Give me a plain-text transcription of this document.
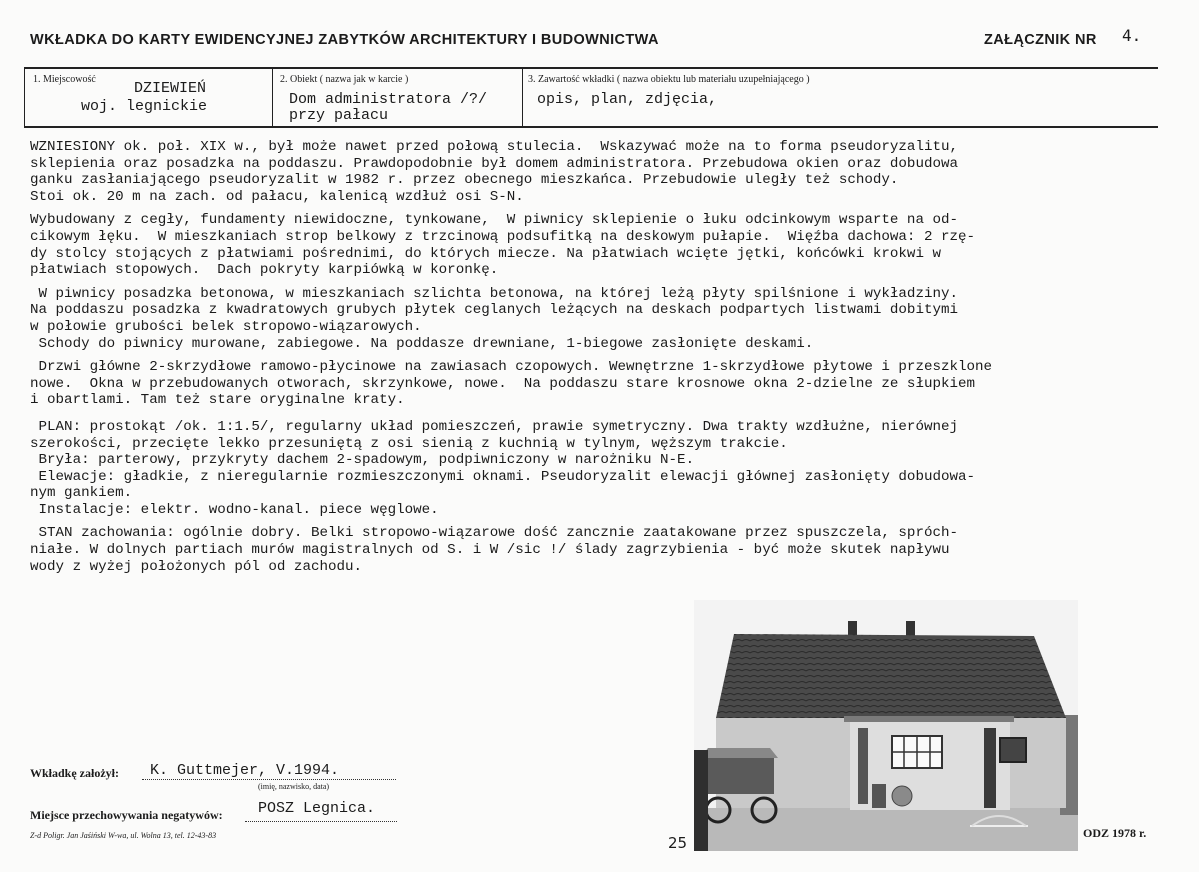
WKŁADKA DO KARTY EWIDENCYJNEJ ZABYTKÓW ARCHITEKTURY I BUDOWNICTWA	ZAŁĄCZNIK NR 4.
1. Miejscowość
DZIEWIEŃ
woj. legnickie
2. Obiekt ( nazwa jak w karcie )
Dom administratora /?/
przy pałacu
3. Zawartość wkładki ( nazwa obiektu lub materiału uzupełniającego )
opis, plan, zdjęcia,

WZNIESIONY ok. poł. XIX w., był może nawet przed połową stulecia.  Wskazywać może na to forma pseudoryzalitu,

sklepienia oraz posadzka na poddaszu. Prawdopodobnie był domem administratora. Przebudowa okien oraz dobudowa

ganku zasłaniającego pseudoryzalit w 1982 r. przez obecnego mieszkańca. Przebudowie uległy też schody.

Stoi ok. 20 m na zach. od pałacu, kalenicą wzdłuż osi S-N.

Wybudowany z cegły, fundamenty niewidoczne, tynkowane,  W piwnicy sklepienie o łuku odcinkowym wsparte na od-

cikowym łęku.  W mieszkaniach strop belkowy z trzcinową podsufitką na deskowym pułapie.  Więźba dachowa: 2 rzę-

dy stolcy stojących z płatwiami pośrednimi, do których miecze. Na płatwiach wcięte jętki, końcówki krokwi w

płatwiach stopowych.  Dach pokryty karpiówką w koronkę.

W piwnicy posadzka betonowa, w mieszkaniach szlichta betonowa, na której leżą płyty spilśnione i wykładziny.

Na poddaszu posadzka z kwadratowych grubych płytek ceglanych leżących na deskach podpartych listwami dobitymi

w połowie grubości belek stropowo-wiązarowych.

Schody do piwnicy murowane, zabiegowe. Na poddasze drewniane, 1-biegowe zasłonięte deskami.

Drzwi główne 2-skrzydłowe ramowo-płycinowe na zawiasach czopowych. Wewnętrzne 1-skrzydłowe płytowe i przeszklone

nowe.  Okna w przebudowanych otworach, skrzynkowe, nowe.  Na poddaszu stare krosnowe okna 2-dzielne ze słupkiem

i obartlami. Tam też stare oryginalne kraty.

PLAN: prostokąt /ok. 1:1.5/, regularny układ pomieszczeń, prawie symetryczny. Dwa trakty wzdłużne, nierównej

szerokości, przecięte lekko przesuniętą z osi sienią z kuchnią w tylnym, węższym trakcie.

Bryła: parterowy, przykryty dachem 2-spadowym, podpiwniczony w narożniku N-E.

Elewacje: gładkie, z nieregularnie rozmieszczonymi oknami. Pseudoryzalit elewacji głównej zasłonięty dobudowa-

nym gankiem.

Instalacje: elektr. wodno-kanal. piece węglowe.

STAN zachowania: ogólnie dobry. Belki stropowo-wiązarowe dość zancznie zaatakowane przez spuszczela, spróch-

niałe. W dolnych partiach murów magistralnych od S. i W /sic !/ ślady zagrzybienia - być może skutek napływu

wody z wyżej położonych pól od zachodu.

Wkładkę założył: K. Guttmejer, V.1994.
(imię, nazwisko, data)
Miejsce przechowywania negatywów: POSZ Legnica.
Z-d Poligr. Jan Jaśiński W-wa, ul. Wolna 13, tel. 12-43-83	25
ODZ 1978 r.
